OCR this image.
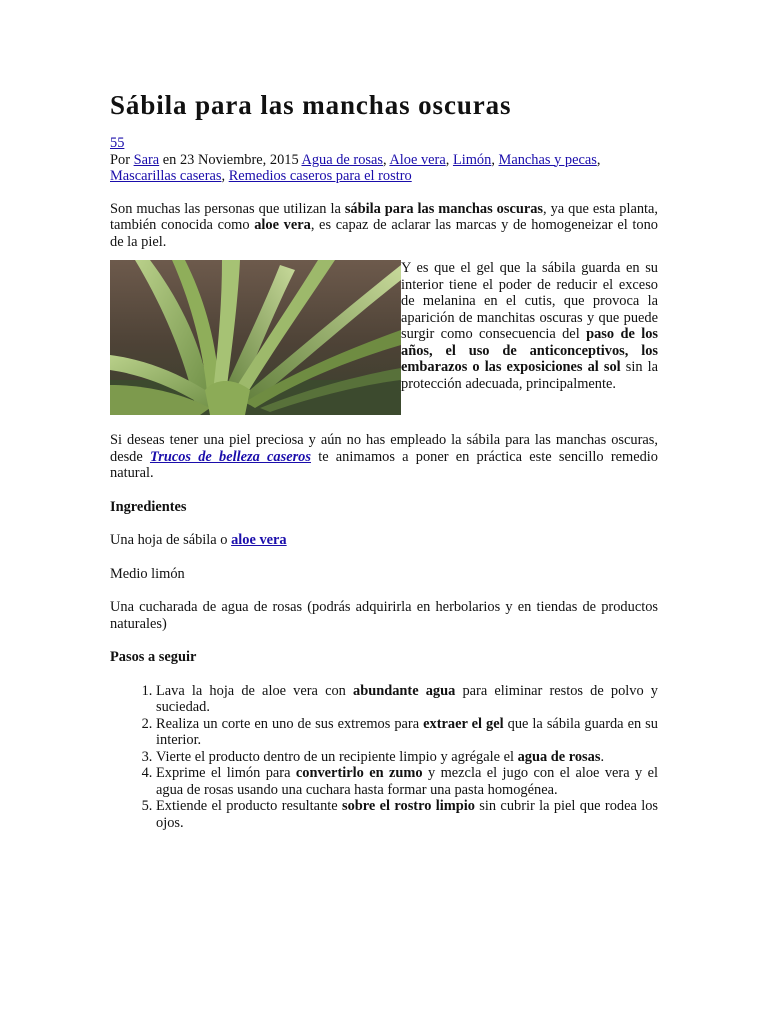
Sábila para las manchas oscuras
55
Por Sara en 23 Noviembre, 2015 Agua de rosas, Aloe vera, Limón, Manchas y pecas, Mascarillas caseras, Remedios caseros para el rostro

Son muchas las personas que utilizan la sábila para las manchas oscuras, ya que esta planta, también conocida como aloe vera, es capaz de aclarar las marcas y de homogeneizar el tono de la piel.

Y es que el gel que la sábila guarda en su interior tiene el poder de reducir el exceso de melanina en el cutis, que provoca la aparición de manchitas oscuras y que puede surgir como consecuencia del paso de los años, el uso de anticonceptivos, los embarazos o las exposiciones al sol sin la protección adecuada, principalmente.

Si deseas tener una piel preciosa y aún no has empleado la sábila para las manchas oscuras, desde Trucos de belleza caseros te animamos a poner en práctica este sencillo remedio natural.

Ingredientes

Una hoja de sábila o aloe vera

Medio limón

Una cucharada de agua de rosas (podrás adquirirla en herbolarios y en tiendas de productos naturales)

Pasos a seguir

1. Lava la hoja de aloe vera con abundante agua para eliminar restos de polvo y suciedad.
2. Realiza un corte en uno de sus extremos para extraer el gel que la sábila guarda en su interior.
3. Vierte el producto dentro de un recipiente limpio y agrégale el agua de rosas.
4. Exprime el limón para convertirlo en zumo y mezcla el jugo con el aloe vera y el agua de rosas usando una cuchara hasta formar una pasta homogénea.
5. Extiende el producto resultante sobre el rostro limpio sin cubrir la piel que rodea los ojos.
